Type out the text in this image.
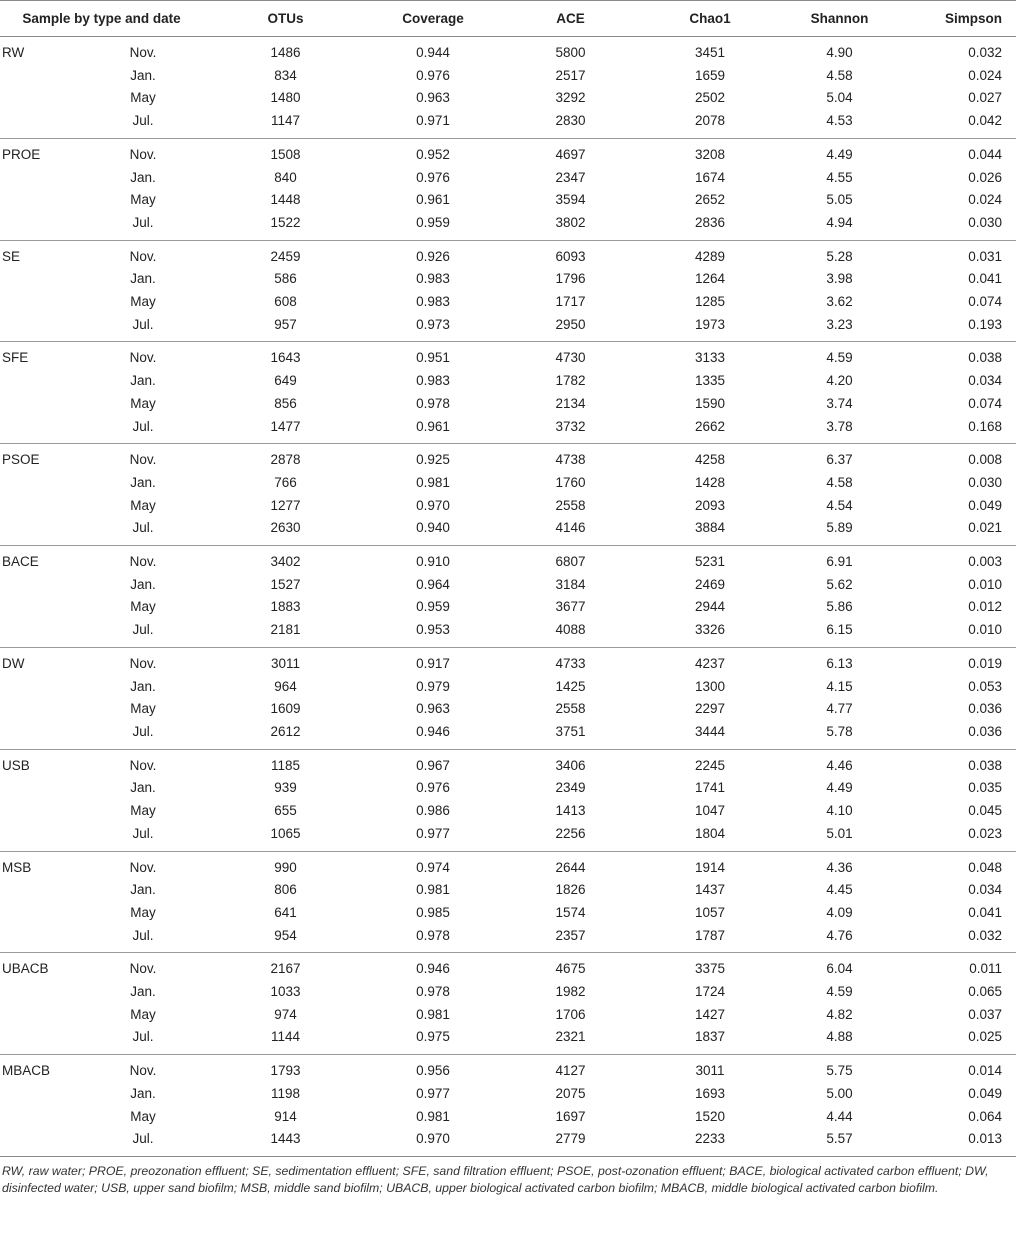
Sample by type and date		OTUs	Coverage	ACE	Chao1	Shannon	Simpson
RW	Nov.	1486	0.944	5800	3451	4.90	0.032
	Jan.	834	0.976	2517	1659	4.58	0.024
	May	1480	0.963	3292	2502	5.04	0.027
	Jul.	1147	0.971	2830	2078	4.53	0.042
PROE	Nov.	1508	0.952	4697	3208	4.49	0.044
	Jan.	840	0.976	2347	1674	4.55	0.026
	May	1448	0.961	3594	2652	5.05	0.024
	Jul.	1522	0.959	3802	2836	4.94	0.030
SE	Nov.	2459	0.926	6093	4289	5.28	0.031
	Jan.	586	0.983	1796	1264	3.98	0.041
	May	608	0.983	1717	1285	3.62	0.074
	Jul.	957	0.973	2950	1973	3.23	0.193
SFE	Nov.	1643	0.951	4730	3133	4.59	0.038
	Jan.	649	0.983	1782	1335	4.20	0.034
	May	856	0.978	2134	1590	3.74	0.074
	Jul.	1477	0.961	3732	2662	3.78	0.168
PSOE	Nov.	2878	0.925	4738	4258	6.37	0.008
	Jan.	766	0.981	1760	1428	4.58	0.030
	May	1277	0.970	2558	2093	4.54	0.049
	Jul.	2630	0.940	4146	3884	5.89	0.021
BACE	Nov.	3402	0.910	6807	5231	6.91	0.003
	Jan.	1527	0.964	3184	2469	5.62	0.010
	May	1883	0.959	3677	2944	5.86	0.012
	Jul.	2181	0.953	4088	3326	6.15	0.010
DW	Nov.	3011	0.917	4733	4237	6.13	0.019
	Jan.	964	0.979	1425	1300	4.15	0.053
	May	1609	0.963	2558	2297	4.77	0.036
	Jul.	2612	0.946	3751	3444	5.78	0.036
USB	Nov.	1185	0.967	3406	2245	4.46	0.038
	Jan.	939	0.976	2349	1741	4.49	0.035
	May	655	0.986	1413	1047	4.10	0.045
	Jul.	1065	0.977	2256	1804	5.01	0.023
MSB	Nov.	990	0.974	2644	1914	4.36	0.048
	Jan.	806	0.981	1826	1437	4.45	0.034
	May	641	0.985	1574	1057	4.09	0.041
	Jul.	954	0.978	2357	1787	4.76	0.032
UBACB	Nov.	2167	0.946	4675	3375	6.04	0.011
	Jan.	1033	0.978	1982	1724	4.59	0.065
	May	974	0.981	1706	1427	4.82	0.037
	Jul.	1144	0.975	2321	1837	4.88	0.025
MBACB	Nov.	1793	0.956	4127	3011	5.75	0.014
	Jan.	1198	0.977	2075	1693	5.00	0.049
	May	914	0.981	1697	1520	4.44	0.064
	Jul.	1443	0.970	2779	2233	5.57	0.013
RW, raw water; PROE, preozonation effluent; SE, sedimentation effluent; SFE, sand filtration effluent; PSOE, post-ozonation effluent; BACE, biological activated carbon effluent; DW, disinfected water; USB, upper sand biofilm; MSB, middle sand biofilm; UBACB, upper biological activated carbon biofilm; MBACB, middle biological activated carbon biofilm.
